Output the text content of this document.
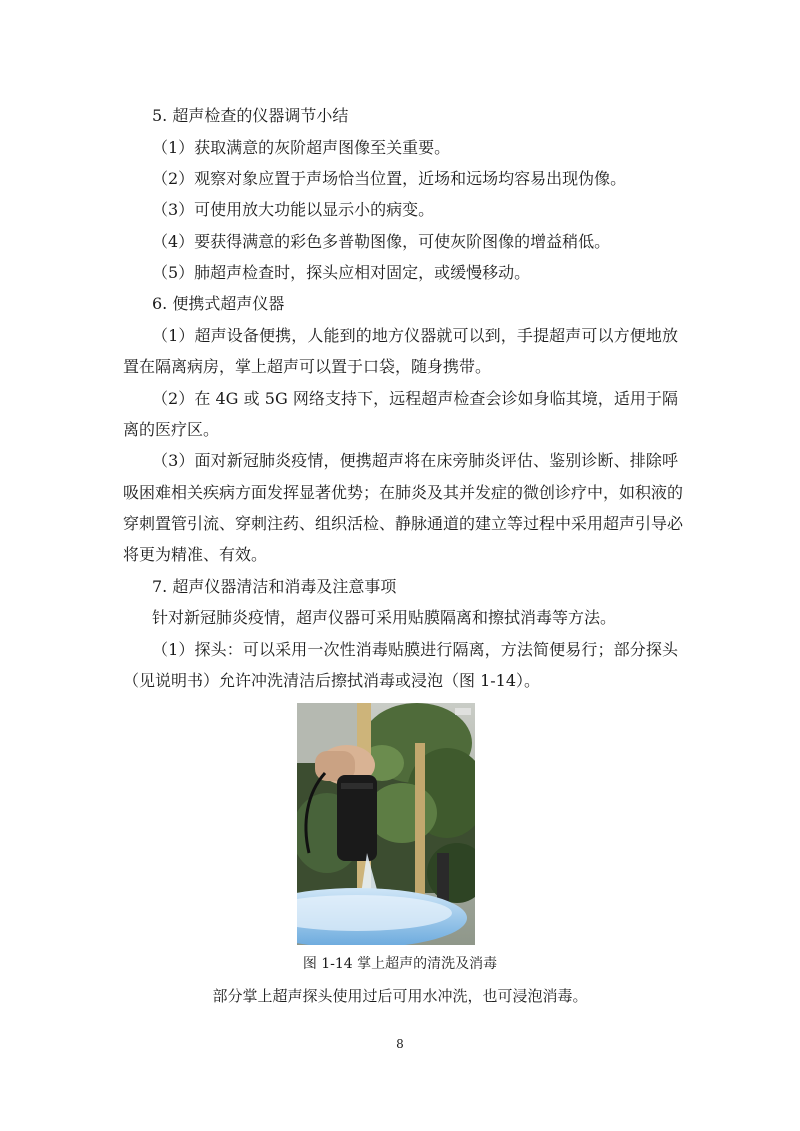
5. 超声检查的仪器调节小结
（1）获取满意的灰阶超声图像至关重要。
（2）观察对象应置于声场恰当位置，近场和远场均容易出现伪像。
（3）可使用放大功能以显示小的病变。
（4）要获得满意的彩色多普勒图像，可使灰阶图像的增益稍低。
（5）肺超声检查时，探头应相对固定，或缓慢移动。
6. 便携式超声仪器
（1）超声设备便携，人能到的地方仪器就可以到，手提超声可以方便地放
置在隔离病房，掌上超声可以置于口袋，随身携带。
（2）在 4G 或 5G 网络支持下，远程超声检查会诊如身临其境，适用于隔
离的医疗区。
（3）面对新冠肺炎疫情，便携超声将在床旁肺炎评估、鉴别诊断、排除呼
吸困难相关疾病方面发挥显著优势；在肺炎及其并发症的微创诊疗中，如积液的
穿刺置管引流、穿刺注药、组织活检、静脉通道的建立等过程中采用超声引导必
将更为精准、有效。
7. 超声仪器清洁和消毒及注意事项
针对新冠肺炎疫情，超声仪器可采用贴膜隔离和擦拭消毒等方法。
（1）探头：可以采用一次性消毒贴膜进行隔离，方法简便易行；部分探头
（见说明书）允许冲洗清洁后擦拭消毒或浸泡（图 1-14）。
图 1-14 掌上超声的清洗及消毒
部分掌上超声探头使用过后可用水冲洗，也可浸泡消毒。
8
